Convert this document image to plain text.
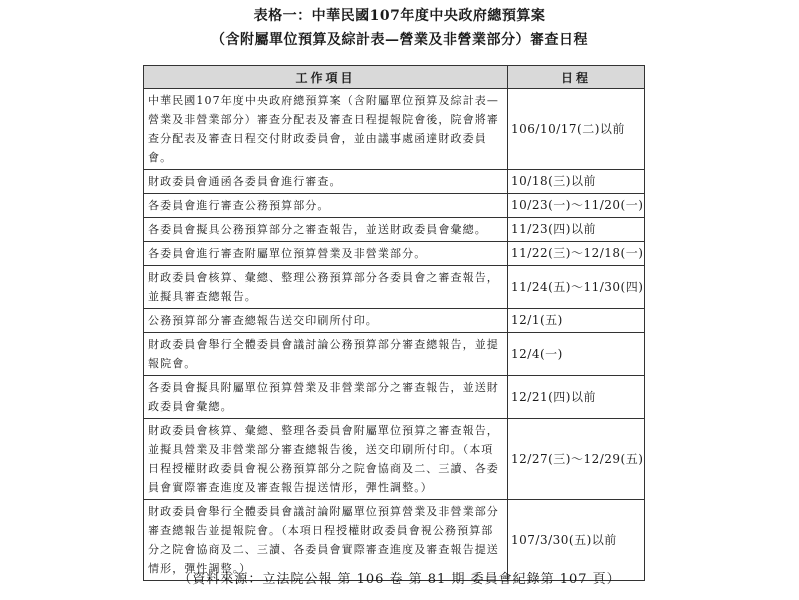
表格一：中華民國107年度中央政府總預算案
（含附屬單位預算及綜計表—營業及非營業部分）審查日程
工作項目	日程
中華民國107年度中央政府總預算案（含附屬單位預算及綜計表—營業及非營業部分）審查分配表及審查日程提報院會後，院會將審查分配表及審查日程交付財政委員會，並由議事處函達財政委員會。	106/10/17(二)以前
財政委員會通函各委員會進行審查。	10/18(三)以前
各委員會進行審查公務預算部分。	10/23(一)～11/20(一)
各委員會擬具公務預算部分之審查報告，並送財政委員會彙總。	11/23(四)以前
各委員會進行審查附屬單位預算營業及非營業部分。	11/22(三)～12/18(一)
財政委員會核算、彙總、整理公務預算部分各委員會之審查報告，並擬具審查總報告。	11/24(五)～11/30(四)
公務預算部分審查總報告送交印刷所付印。	12/1(五)
財政委員會舉行全體委員會議討論公務預算部分審查總報告，並提報院會。	12/4(一)
各委員會擬具附屬單位預算營業及非營業部分之審查報告，並送財政委員會彙總。	12/21(四)以前
財政委員會核算、彙總、整理各委員會附屬單位預算之審查報告，並擬具營業及非營業部分審查總報告後，送交印刷所付印。（本項日程授權財政委員會視公務預算部分之院會協商及二、三讀、各委員會實際審查進度及審查報告提送情形，彈性調整。）	12/27(三)～12/29(五)
財政委員會舉行全體委員會議討論附屬單位預算營業及非營業部分審查總報告並提報院會。（本項日程授權財政委員會視公務預算部分之院會協商及二、三讀、各委員會實際審查進度及審查報告提送情形，彈性調整。）	107/3/30(五)以前
（資料來源：立法院公報 第 106 卷 第 81 期 委員會紀錄第 107 頁）
